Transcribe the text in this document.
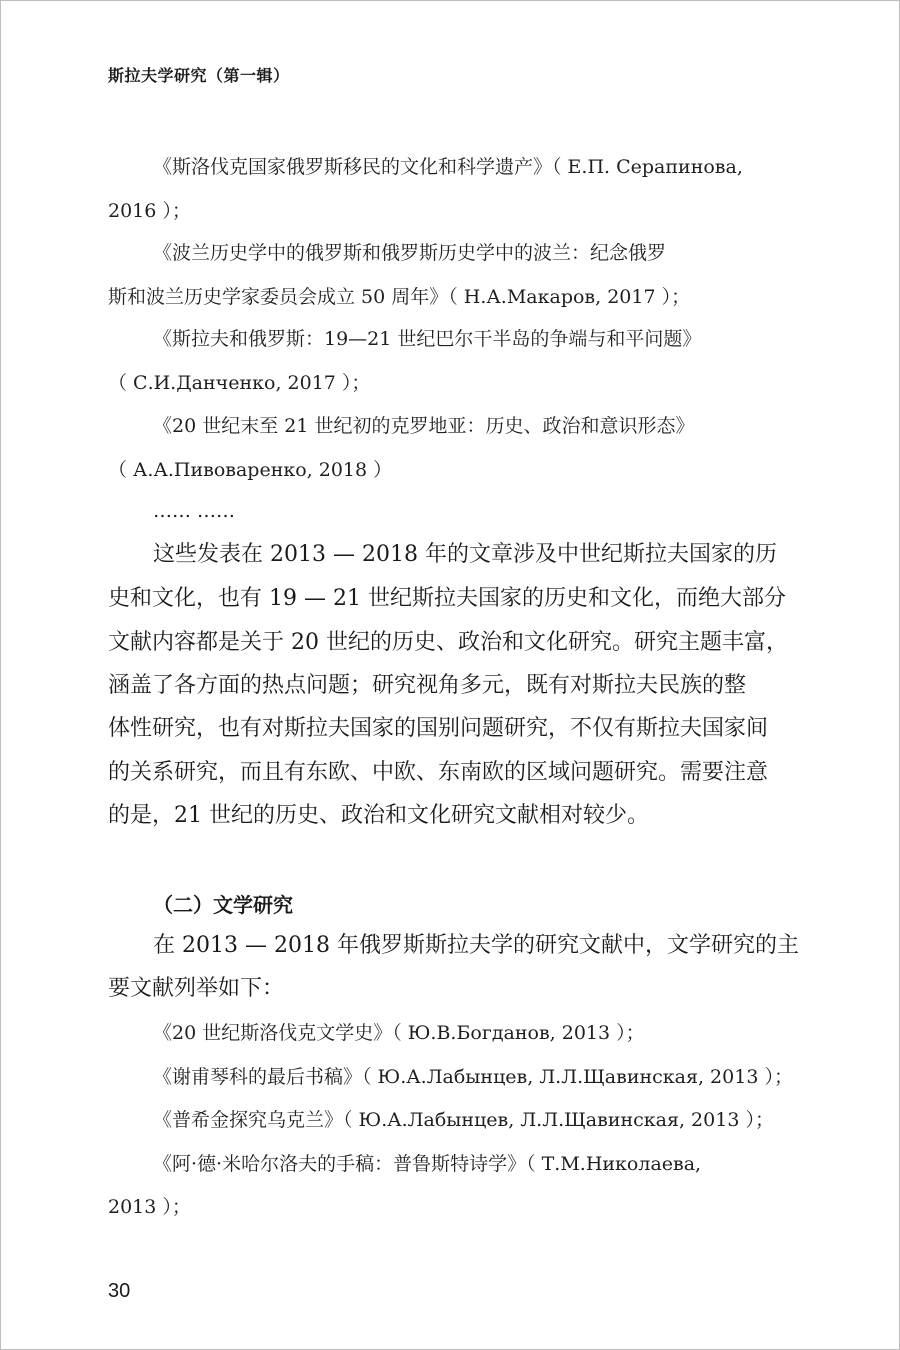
斯拉夫学研究（第一辑）
《斯洛伐克国家俄罗斯移民的文化和科学遗产》（ Е.П. Серапинова,
2016 ）；
《波兰历史学中的俄罗斯和俄罗斯历史学中的波兰：纪念俄罗
斯和波兰历史学家委员会成立 50 周年》（ Н.А.Макаров, 2017 ）；
《斯拉夫和俄罗斯：19—21 世纪巴尔干半岛的争端与和平问题》
（ С.И.Данченко, 2017 ）；
《20 世纪末至 21 世纪初的克罗地亚：历史、政治和意识形态》
（ А.А.Пивоваренко, 2018 ）
…… ……
这些发表在 2013 — 2018 年的文章涉及中世纪斯拉夫国家的历
史和文化，也有 19 — 21 世纪斯拉夫国家的历史和文化，而绝大部分
文献内容都是关于 20 世纪的历史、政治和文化研究。研究主题丰富，
涵盖了各方面的热点问题；研究视角多元，既有对斯拉夫民族的整
体性研究，也有对斯拉夫国家的国别问题研究，不仅有斯拉夫国家间
的关系研究，而且有东欧、中欧、东南欧的区域问题研究。需要注意
的是，21 世纪的历史、政治和文化研究文献相对较少。
（二）文学研究
在 2013 — 2018 年俄罗斯斯拉夫学的研究文献中，文学研究的主
要文献列举如下：
《20 世纪斯洛伐克文学史》（ Ю.В.Богданов, 2013 ）；
《谢甫琴科的最后书稿》（ Ю.А.Лабынцев, Л.Л.Щавинская, 2013 ）；
《普希金探究乌克兰》（ Ю.А.Лабынцев, Л.Л.Щавинская, 2013 ）；
《阿·德·米哈尔洛夫的手稿：普鲁斯特诗学》（ Т.М.Николаева,
2013 ）；
30
